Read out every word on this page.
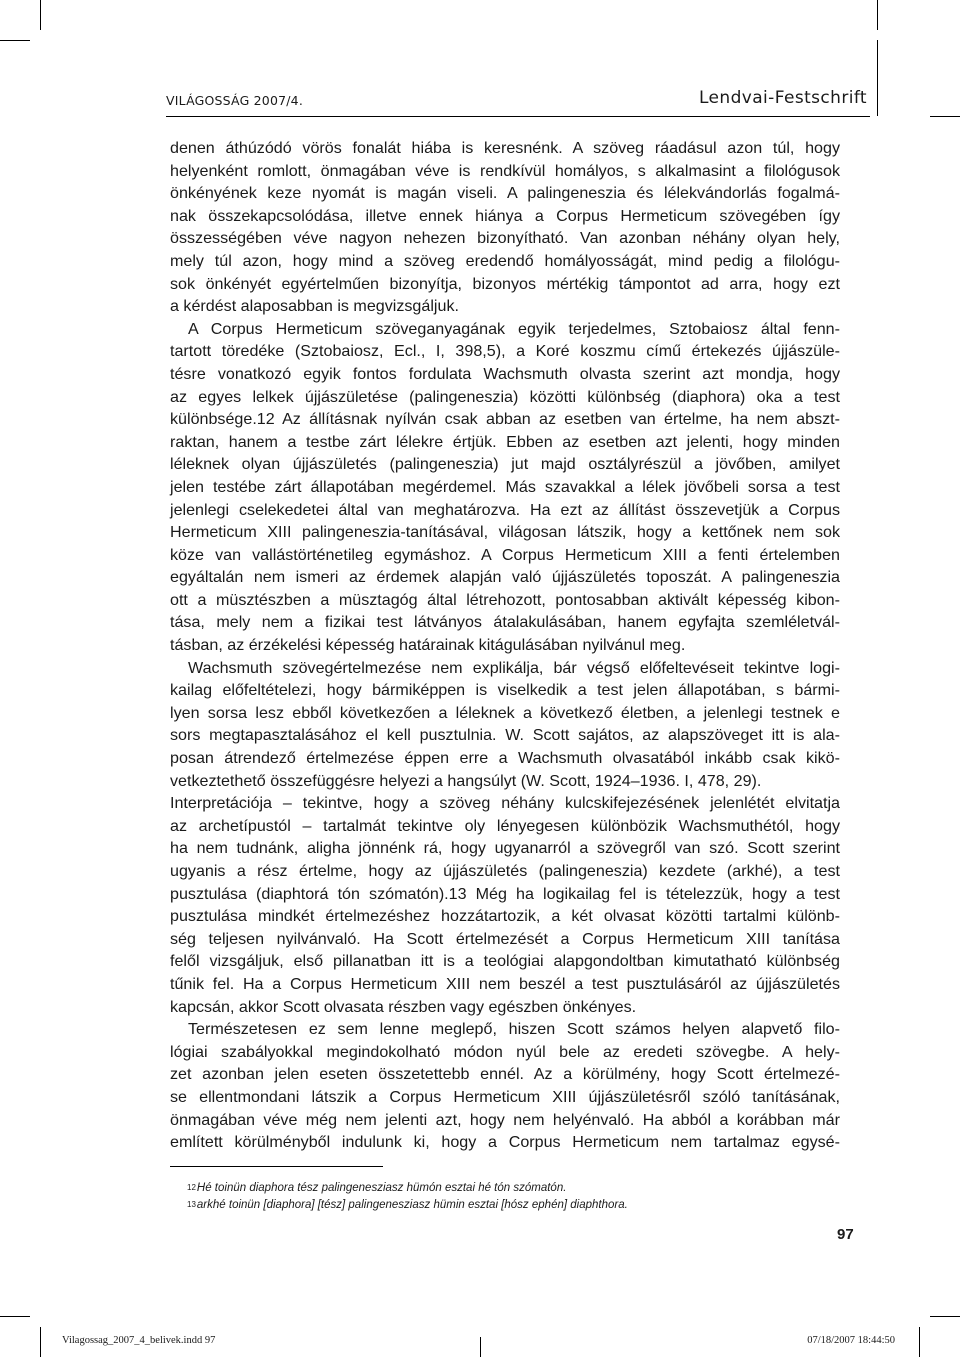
VILÁGOSSÁG 2007/4.	Lendvai-Festschrift
denen áthúzódó vörös fonalát hiába is keresnénk. A szöveg ráadásul azon túl, hogy
helyenként romlott, önmagában véve is rendkívül homályos, s alkalmasint a filológusok
önkényének keze nyomát is magán viseli. A palingeneszia és lélekvándorlás fogalmá-
nak összekapcsolódása, illetve ennek hiánya a Corpus Hermeticum szövegében így
összességében véve nagyon nehezen bizonyítható. Van azonban néhány olyan hely,
mely túl azon, hogy mind a szöveg eredendő homályosságát, mind pedig a filológu-
sok önkényét egyértelműen bizonyítja, bizonyos mértékig támpontot ad arra, hogy ezt
a kérdést alaposabban is megvizsgáljuk.
A Corpus Hermeticum szöveganyagának egyik terjedelmes, Sztobaiosz által fenn-
tartott töredéke (Sztobaiosz, Ecl., I, 398,5), a Koré koszmu című értekezés újjászüle-
tésre vonatkozó egyik fontos fordulata Wachsmuth olvasta szerint azt mondja, hogy
az egyes lelkek újjászületése (palingeneszia) közötti különbség (diaphora) oka a test
különbsége.12 Az állításnak nyílván csak abban az esetben van értelme, ha nem abszt-
raktan, hanem a testbe zárt lélekre értjük. Ebben az esetben azt jelenti, hogy minden
léleknek olyan újjászületés (palingeneszia) jut majd osztályrészül a jövőben, amilyet
jelen testébe zárt állapotában megérdemel. Más szavakkal a lélek jövőbeli sorsa a test
jelenlegi cselekedetei által van meghatározva. Ha ezt az állítást összevetjük a Corpus
Hermeticum XIII palingeneszia-tanításával, világosan látszik, hogy a kettőnek nem sok
köze van vallástörténetileg egymáshoz. A Corpus Hermeticum XIII a fenti értelemben
egyáltalán nem ismeri az érdemek alapján való újjászületés toposzát. A palingeneszia
ott a müsztészben a müsztagóg által létrehozott, pontosabban aktivált képesség kibon-
tása, mely nem a fizikai test látványos átalakulásában, hanem egyfajta szemléletvál-
tásban, az érzékelési képesség határainak kitágulásában nyilvánul meg.
Wachsmuth szövegértelmezése nem explikálja, bár végső előfeltevéseit tekintve logi-
kailag előfeltételezi, hogy bármiképpen is viselkedik a test jelen állapotában, s bármi-
lyen sorsa lesz ebből következően a léleknek a következő életben, a jelenlegi testnek e
sors megtapasztalásához el kell pusztulnia. W. Scott sajátos, az alapszöveget itt is ala-
posan átrendező értelmezése éppen erre a Wachsmuth olvasatából inkább csak kikö-
vetkeztethető összefüggésre helyezi a hangsúlyt (W. Scott, 1924–1936. I, 478, 29).
Interpretációja – tekintve, hogy a szöveg néhány kulcskifejezésének jelenlétét elvitatja
az archetípustól – tartalmát tekintve oly lényegesen különbözik Wachsmuthétól, hogy
ha nem tudnánk, aligha jönnénk rá, hogy ugyanarról a szövegről van szó. Scott szerint
ugyanis a rész értelme, hogy az újjászületés (palingeneszia) kezdete (arkhé), a test
pusztulása (diaphtorá tón szómatón).13 Még ha logikailag fel is tételezzük, hogy a test
pusztulása mindkét értelmezéshez hozzátartozik, a két olvasat közötti tartalmi különb-
ség teljesen nyilvánvaló. Ha Scott értelmezését a Corpus Hermeticum XIII tanítása
felől vizsgáljuk, első pillanatban itt is a teológiai alapgondoltban kimutatható különbség
tűnik fel. Ha a Corpus Hermeticum XIII nem beszél a test pusztulásáról az újjászületés
kapcsán, akkor Scott olvasata részben vagy egészben önkényes.
Természetesen ez sem lenne meglepő, hiszen Scott számos helyen alapvető filo-
lógiai szabályokkal megindokolható módon nyúl bele az eredeti szövegbe. A hely-
zet azonban jelen eseten összetettebb ennél. Az a körülmény, hogy Scott értelmezé-
se ellentmondani látszik a Corpus Hermeticum XIII újjászületésről szóló tanításának,
önmagában véve még nem jelenti azt, hogy nem helyénvaló. Ha abból a korábban már
említett körülményből indulunk ki, hogy a Corpus Hermeticum nem tartalmaz egysé-
$^{12}$Hé toinün diaphora tész palingenesziasz hümón esztai hé tón szómatón.
$^{13}$arkhé toinün [diaphora] [tész] palingenesziasz hümin esztai [hósz ephén] diaphthora.
97
Vilagossag_2007_4_belivek.indd 97	07/18/2007 18:44:50
